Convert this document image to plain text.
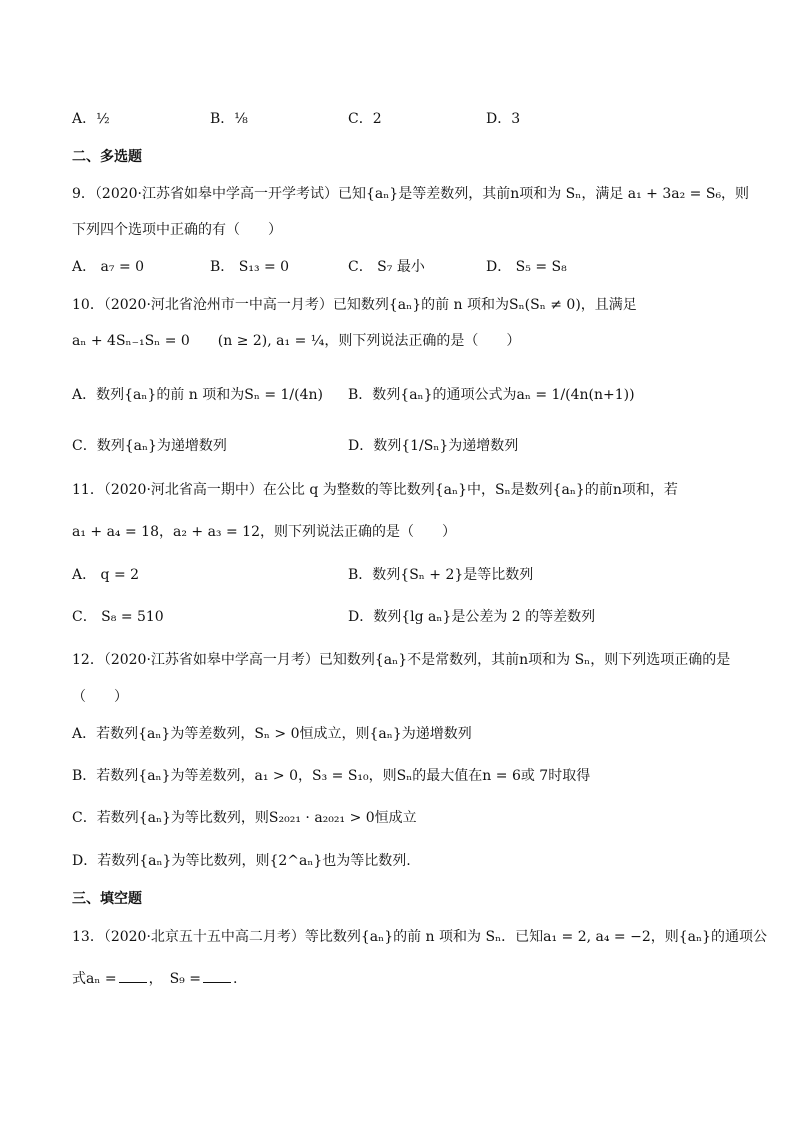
A．½	B．⅛	C．2	D．3
二、多选题
9．（2020·江苏省如皋中学高一开学考试）已知{aₙ}是等差数列，其前n项和为 Sₙ，满足 a₁ + 3a₂ = S₆，则
下列四个选项中正确的有（　　）
A． a₇ = 0	B． S₁₃ = 0	C． S₇ 最小	D． S₅ = S₈
10．（2020·河北省沧州市一中高一月考）已知数列{aₙ}的前 n 项和为Sₙ(Sₙ ≠ 0)，且满足
aₙ + 4Sₙ₋₁Sₙ = 0　　(n ≥ 2), a₁ = ¼，则下列说法正确的是（　　）
A．数列{aₙ}的前 n 项和为Sₙ = 1/(4n) B．数列{aₙ}的通项公式为aₙ = 1/(4n(n+1))
C．数列{aₙ}为递增数列	D．数列{1/Sₙ}为递增数列
11．（2020·河北省高一期中）在公比 q 为整数的等比数列{aₙ}中，Sₙ是数列{aₙ}的前n项和，若
a₁ + a₄ = 18，a₂ + a₃ = 12，则下列说法正确的是（　　）
A． q = 2	B．数列{Sₙ + 2}是等比数列
C． S₈ = 510	D．数列{lg aₙ}是公差为 2 的等差数列
12．（2020·江苏省如皋中学高一月考）已知数列{aₙ}不是常数列，其前n项和为 Sₙ，则下列选项正确的是
（　　）
A．若数列{aₙ}为等差数列，Sₙ > 0恒成立，则{aₙ}为递增数列
B．若数列{aₙ}为等差数列，a₁ > 0，S₃ = S₁₀，则Sₙ的最大值在n = 6或 7时取得
C．若数列{aₙ}为等比数列，则S₂₀₂₁ · a₂₀₂₁ > 0恒成立
D．若数列{aₙ}为等比数列，则{2^aₙ}也为等比数列.
三、填空题
13．（2020·北京五十五中高二月考）等比数列{aₙ}的前 n 项和为 Sₙ．已知a₁ = 2, a₄ = −2，则{aₙ}的通项公
式aₙ = ，　S₉ = .
